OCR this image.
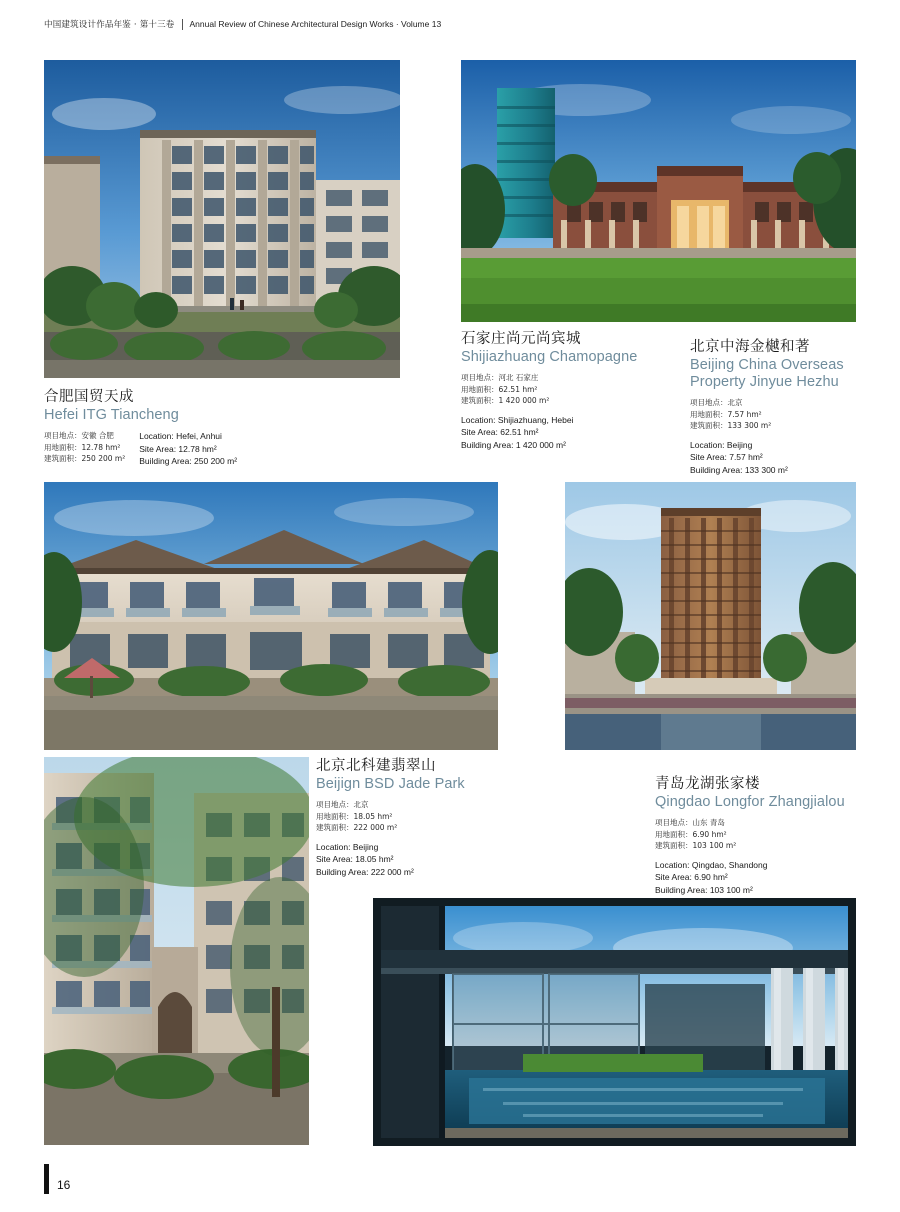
中国建筑设计作品年鉴 · 第十三卷 Annual Review of Chinese Architectural Design Works · Volume 13
合肥国贸天成
Hefei ITG Tiancheng
项目地点：安徽 合肥
用地面积：12.78 hm²
建筑面积：250 200 m²
Location: Hefei, Anhui
Site Area: 12.78 hm²
Building Area: 250 200 m²
石家庄尚元尚宾城
Shijiazhuang Chamopagne
项目地点：河北 石家庄
用地面积：62.51 hm²
建筑面积：1 420 000 m²
Location: Shijiazhuang, Hebei
Site Area: 62.51 hm²
Building Area: 1 420 000 m²
北京中海金樾和著
Beijing China Overseas Property Jinyue Hezhu
项目地点：北京
用地面积：7.57 hm²
建筑面积：133 300 m²
Location: Beijing
Site Area: 7.57 hm²
Building Area: 133 300 m²
北京北科建翡翠山
Beijign BSD Jade Park
项目地点：北京
用地面积：18.05 hm²
建筑面积：222 000 m²
Location: Beijing
Site Area: 18.05 hm²
Building Area: 222 000 m²
青岛龙湖张家楼
Qingdao Longfor Zhangjialou
项目地点：山东 青岛
用地面积：6.90 hm²
建筑面积：103 100 m²
Location: Qingdao, Shandong
Site Area: 6.90 hm²
Building Area: 103 100 m²
16
